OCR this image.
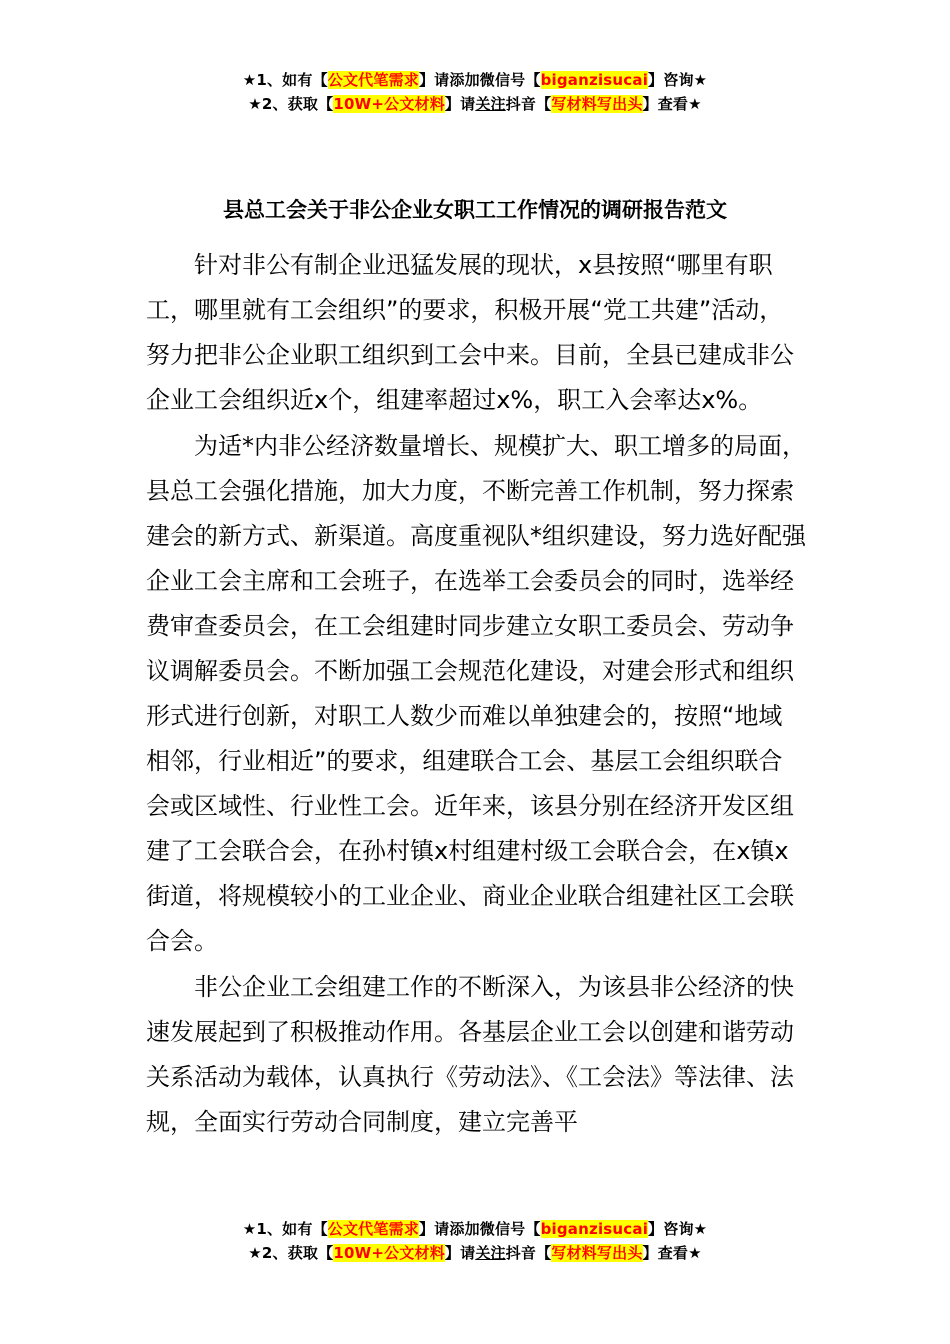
★1、如有【公文代笔需求】请添加微信号【biganzisucai】咨询★
★2、获取【10W+公文材料】请关注抖音【写材料写出头】查看★
县总工会关于非公企业女职工工作情况的调研报告范文

针对非公有制企业迅猛发展的现状，x县按照“哪里有职工，哪里就有工会组织”的要求，积极开展“党工共建”活动，努力把非公企业职工组织到工会中来。目前，全县已建成非公企业工会组织近x个，组建率超过x%，职工入会率达x%。

为适*内非公经济数量增长、规模扩大、职工增多的局面，县总工会强化措施，加大力度，不断完善工作机制，努力探索建会的新方式、新渠道。高度重视队*组织建设，努力选好配强企业工会主席和工会班子，在选举工会委员会的同时，选举经费审查委员会，在工会组建时同步建立女职工委员会、劳动争议调解委员会。不断加强工会规范化建设，对建会形式和组织形式进行创新，对职工人数少而难以单独建会的，按照“地域相邻，行业相近”的要求，组建联合工会、基层工会组织联合会或区域性、行业性工会。近年来，该县分别在经济开发区组建了工会联合会，在孙村镇x村组建村级工会联合会，在x镇x街道，将规模较小的工业企业、商业企业联合组建社区工会联合会。

非公企业工会组建工作的不断深入，为该县非公经济的快速发展起到了积极推动作用。各基层企业工会以创建和谐劳动关系活动为载体，认真执行《劳动法》、《工会法》等法律、法规，全面实行劳动合同制度，建立完善平

★1、如有【公文代笔需求】请添加微信号【biganzisucai】咨询★
★2、获取【10W+公文材料】请关注抖音【写材料写出头】查看★
